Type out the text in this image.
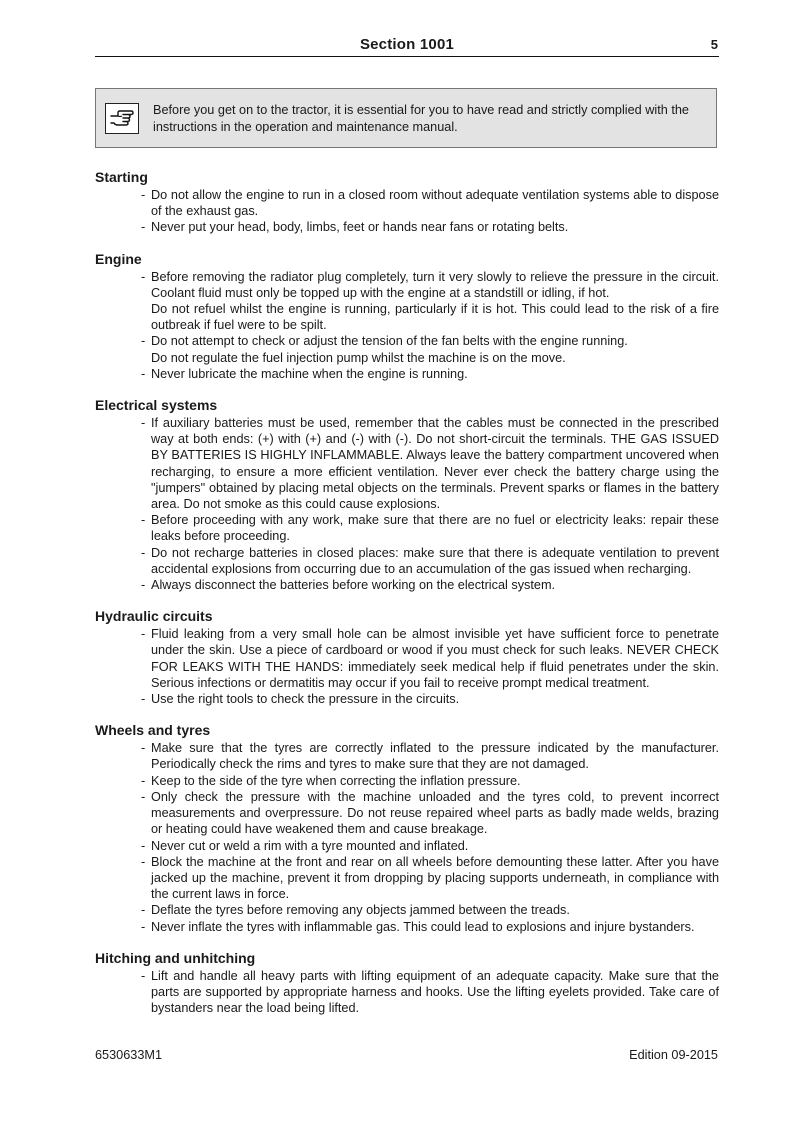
Section 1001	5
Before you get on to the tractor, it is essential for you to have read and strictly complied with the instructions in the operation and maintenance manual.
Starting
- Do not allow the engine to run in a closed room without adequate ventilation systems able to dispose of the exhaust gas.
- Never put your head, body, limbs, feet or hands near fans or rotating belts.
Engine
- Before removing the radiator plug completely, turn it very slowly to relieve the pressure in the circuit. Coolant fluid must only be topped up with the engine at a standstill or idling, if hot.
Do not refuel whilst the engine is running, particularly if it is hot. This could lead to the risk of a fire outbreak if fuel were to be spilt.
- Do not attempt to check or adjust the tension of the fan belts with the engine running.
Do not regulate the fuel injection pump whilst the machine is on the move.
- Never lubricate the machine when the engine is running.
Electrical systems
- If auxiliary batteries must be used, remember that the cables must be connected in the prescribed way at both ends: (+) with (+) and (-) with (-). Do not short-circuit the terminals. THE GAS ISSUED BY BATTERIES IS HIGHLY INFLAMMABLE. Always leave the battery compartment uncovered when recharging, to ensure a more efficient ventilation. Never ever check the battery charge using the "jumpers" obtained by placing metal objects on the terminals. Prevent sparks or flames in the battery area. Do not smoke as this could cause explosions.
- Before proceeding with any work, make sure that there are no fuel or electricity leaks: repair these leaks before proceeding.
- Do not recharge batteries in closed places: make sure that there is adequate ventilation to prevent accidental explosions from occurring due to an accumulation of the gas issued when recharging.
- Always disconnect the batteries before working on the electrical system.
Hydraulic circuits
- Fluid leaking from a very small hole can be almost invisible yet have sufficient force to penetrate under the skin. Use a piece of cardboard or wood if you must check for such leaks. NEVER CHECK FOR LEAKS WITH THE HANDS: immediately seek medical help if fluid penetrates under the skin. Serious infections or dermatitis may occur if you fail to receive prompt medical treatment.
- Use the right tools to check the pressure in the circuits.
Wheels and tyres
- Make sure that the tyres are correctly inflated to the pressure indicated by the manufacturer. Periodically check the rims and tyres to make sure that they are not damaged.
- Keep to the side of the tyre when correcting the inflation pressure.
- Only check the pressure with the machine unloaded and the tyres cold, to prevent incorrect measurements and overpressure. Do not reuse repaired wheel parts as badly made welds, brazing or heating could have weakened them and cause breakage.
- Never cut or weld a rim with a tyre mounted and inflated.
- Block the machine at the front and rear on all wheels before demounting these latter. After you have jacked up the machine, prevent it from dropping by placing supports underneath, in compliance with the current laws in force.
- Deflate the tyres before removing any objects jammed between the treads.
- Never inflate the tyres with inflammable gas. This could lead to explosions and injure bystanders.
Hitching and unhitching
- Lift and handle all heavy parts with lifting equipment of an adequate capacity. Make sure that the parts are supported by appropriate harness and hooks. Use the lifting eyelets provided. Take care of bystanders near the load being lifted.
6530633M1	Edition 09-2015
